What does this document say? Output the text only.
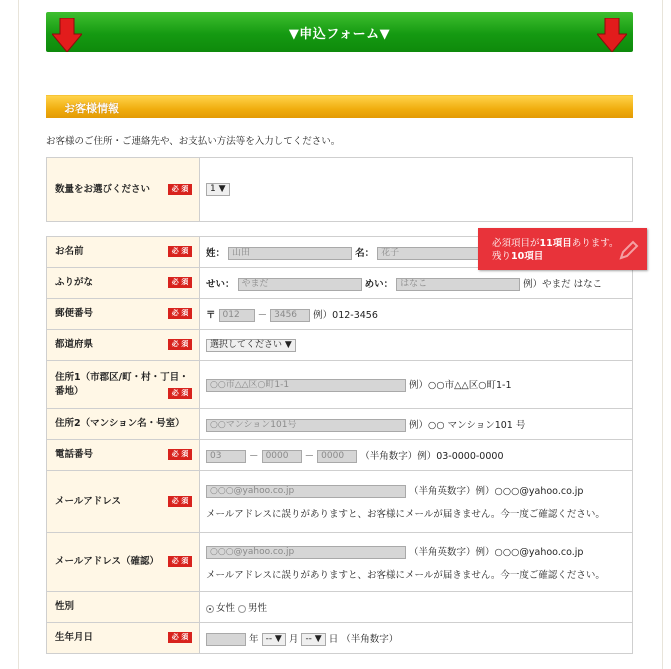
▼申込フォーム▼
お客様情報
お客様のご住所・ご連絡先や、お支払い方法等を入力してください。
数量をお選びください	必 須	1 ▼
お名前 必 須	姓： 山田 名： 花子
ふりがな 必 須	せい： やまだ めい： はなこ 例）やまだ はなこ
郵便番号 必 須	〒 012 － 3456 例）012-3456
都道府県 必 須	選択してください ▼
住所1（市郡区/町・村・丁目・番地） 必 須	○○市△△区○町1-1 例）○○市△△区○町1-1
住所2（マンション名・号室）	○○マンション101号 例）○○ マンション101 号
電話番号 必 須	03 － 0000 － 0000 （半角数字）例）03-0000-0000
メールアドレス 必 須	○○○@yahoo.co.jp （半角英数字）例）○○○@yahoo.co.jp
メールアドレスに誤りがありますと、お客様にメールが届きません。今一度ご確認ください。

メールアドレス（確認） 必 須	○○○@yahoo.co.jp （半角英数字）例）○○○@yahoo.co.jp
メールアドレスに誤りがありますと、お客様にメールが届きません。今一度ご確認ください。

性別	女性 男性
生年月日 必 須	年 -- ▼ 月 -- ▼ 日 （半角数字）
必須項目が11項目あります。
残り10項目
